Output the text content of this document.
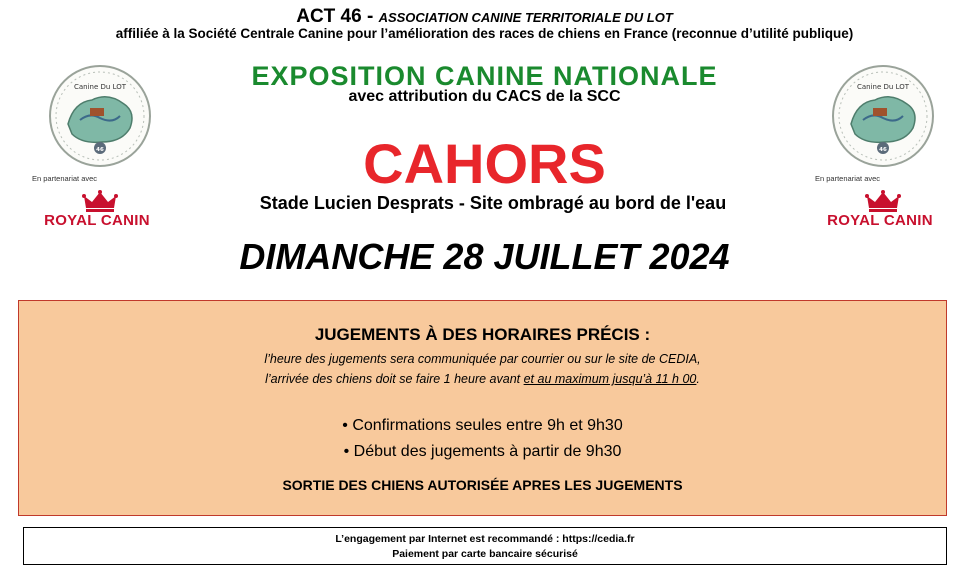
ACT 46 - ASSOCIATION CANINE TERRITORIALE DU LOT
affiliée à la Société Centrale Canine pour l’amélioration des races de chiens en France (reconnue d’utilité publique)
Canine Du LOT
46
En partenariat avec
ROYAL CANIN
Canine Du LOT
46
En partenariat avec
ROYAL CANIN
EXPOSITION CANINE NATIONALE
avec attribution du CACS de la SCC
CAHORS
Stade Lucien Desprats - Site ombragé au bord de l'eau
DIMANCHE 28 JUILLET 2024
JUGEMENTS À DES HORAIRES PRÉCIS :
l’heure des jugements sera communiquée par courrier ou sur le site de CEDIA,
l’arrivée des chiens doit se faire 1 heure avant et au maximum jusqu’à 11 h 00.
• Confirmations seules entre 9h et 9h30
• Début des jugements à partir de 9h30
SORTIE DES CHIENS AUTORISÉE APRES LES JUGEMENTS
L’engagement par Internet est recommandé : https://cedia.fr
Paiement par carte bancaire sécurisé
